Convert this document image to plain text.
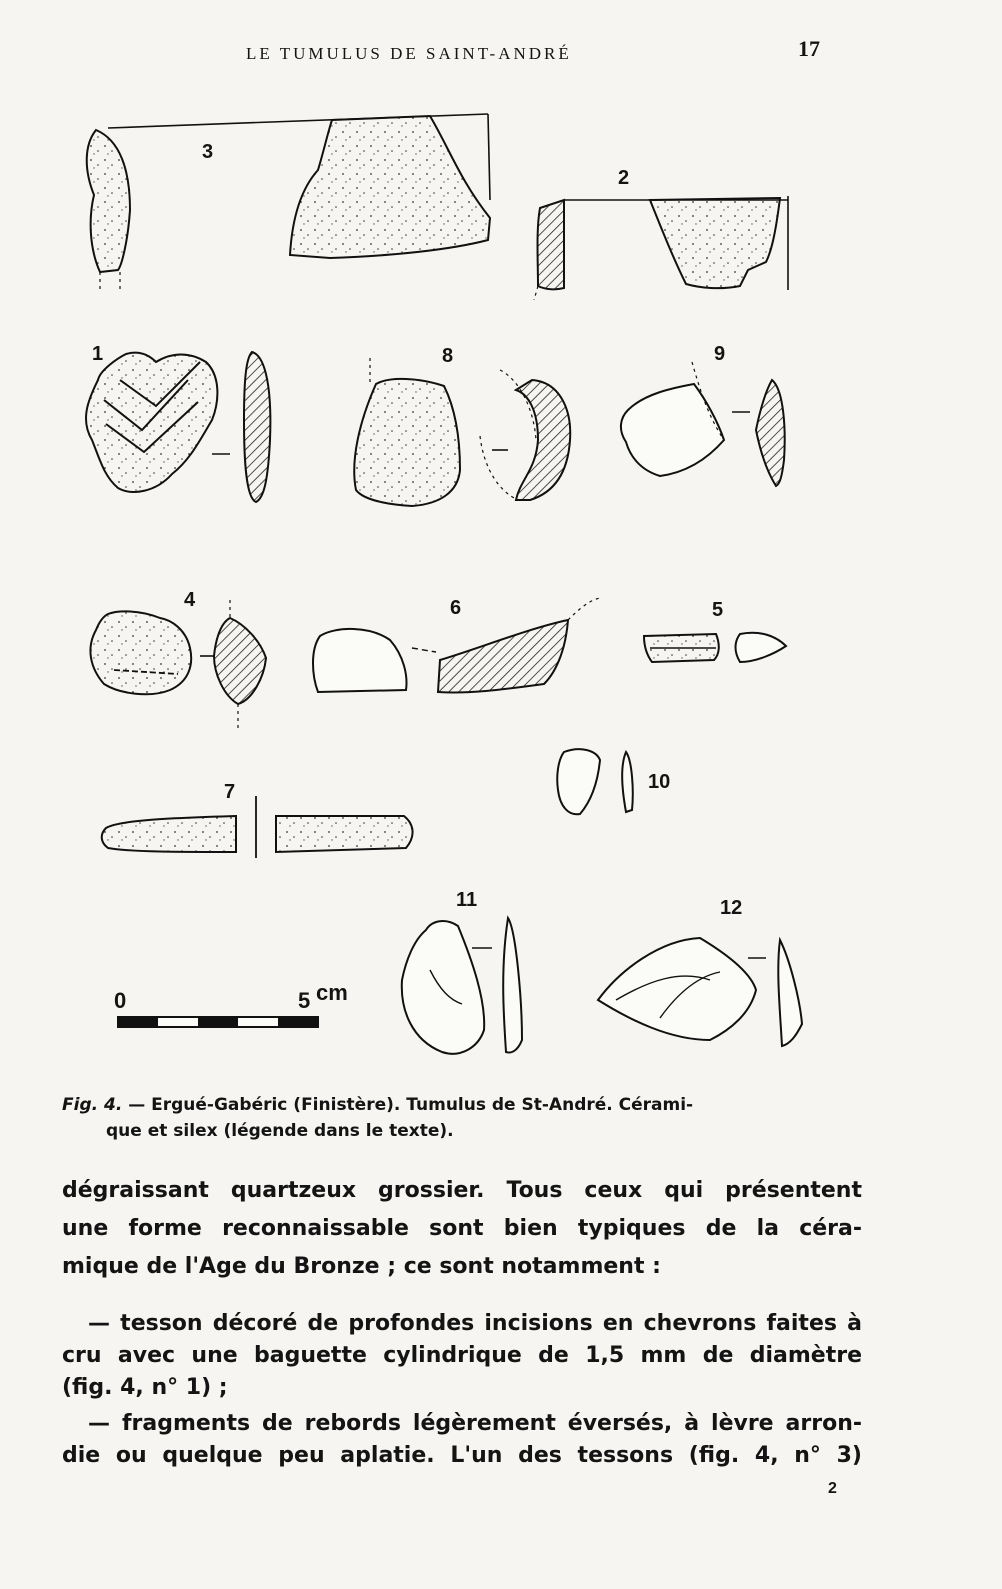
LE TUMULUS DE SAINT-ANDRÉ	17
3
2
1	8	9
4	6	5
7	10
11	12
0	5 cm
Fig. 4. — Ergué-Gabéric (Finistère). Tumulus de St-André. Cérami-
que et silex (légende dans le texte).
dégraissant quartzeux grossier. Tous ceux qui présentent
une forme reconnaissable sont bien typiques de la céra-
mique de l'Age du Bronze ; ce sont notamment :
— tesson décoré de profondes incisions en chevrons faites à
cru avec une baguette cylindrique de 1,5 mm de diamètre
(fig. 4, n° 1) ;
— fragments de rebords légèrement éversés, à lèvre arron-
die ou quelque peu aplatie. L'un des tessons (fig. 4, n° 3)
2
